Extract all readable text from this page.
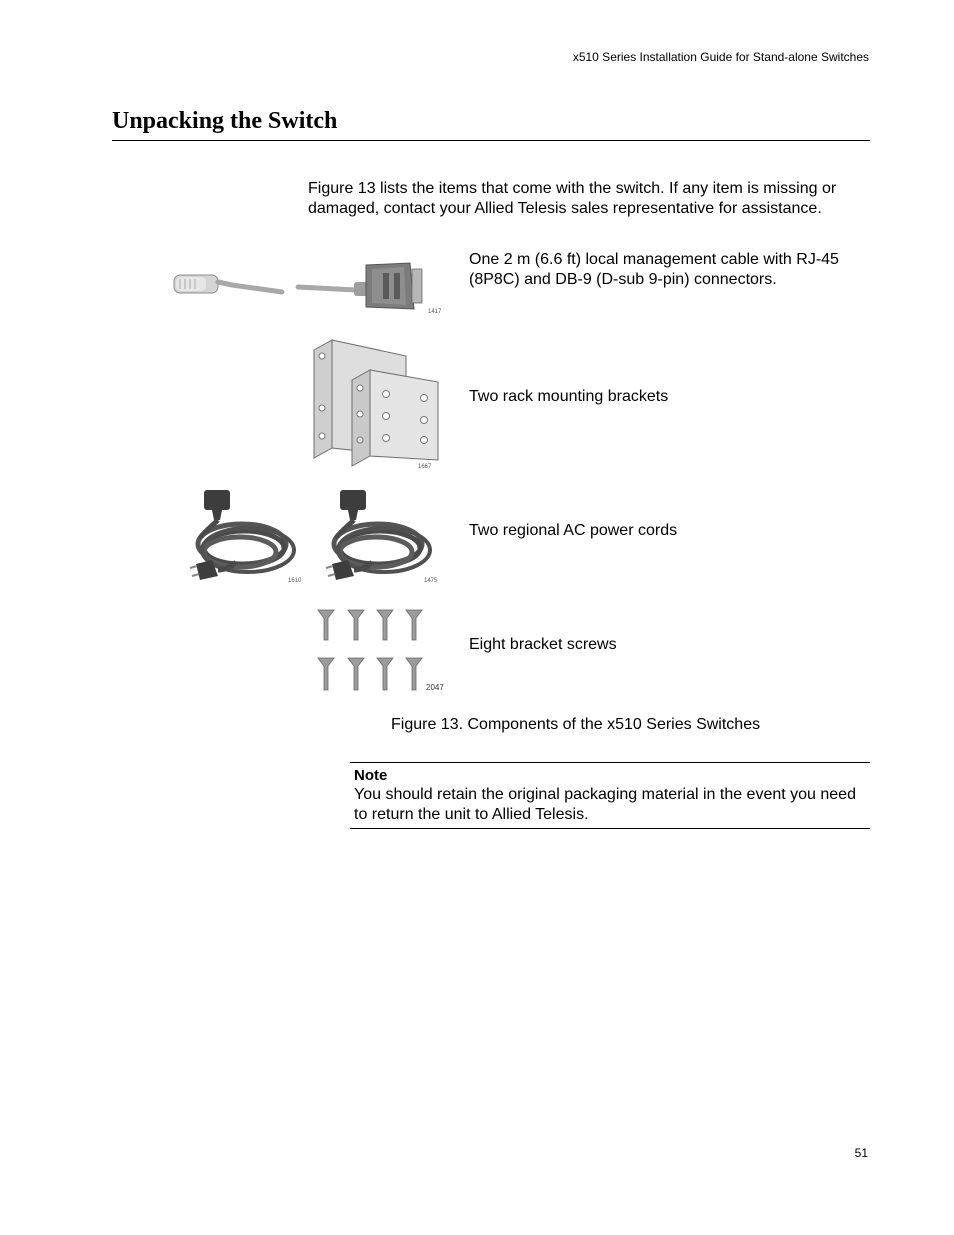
x510 Series Installation Guide for Stand-alone Switches
Unpacking the Switch

Figure 13 lists the items that come with the switch. If any item is missing or damaged, contact your Allied Telesis sales representative for assistance.

1417

One 2 m (6.6 ft) local management cable with RJ-45 (8P8C) and DB-9 (D-sub 9-pin) connectors.

1667

Two rack mounting brackets

1610	1475

Two regional AC power cords

2047

Eight bracket screws

Figure 13. Components of the x510 Series Switches

Note
You should retain the original packaging material in the event you need to return the unit to Allied Telesis.
51
